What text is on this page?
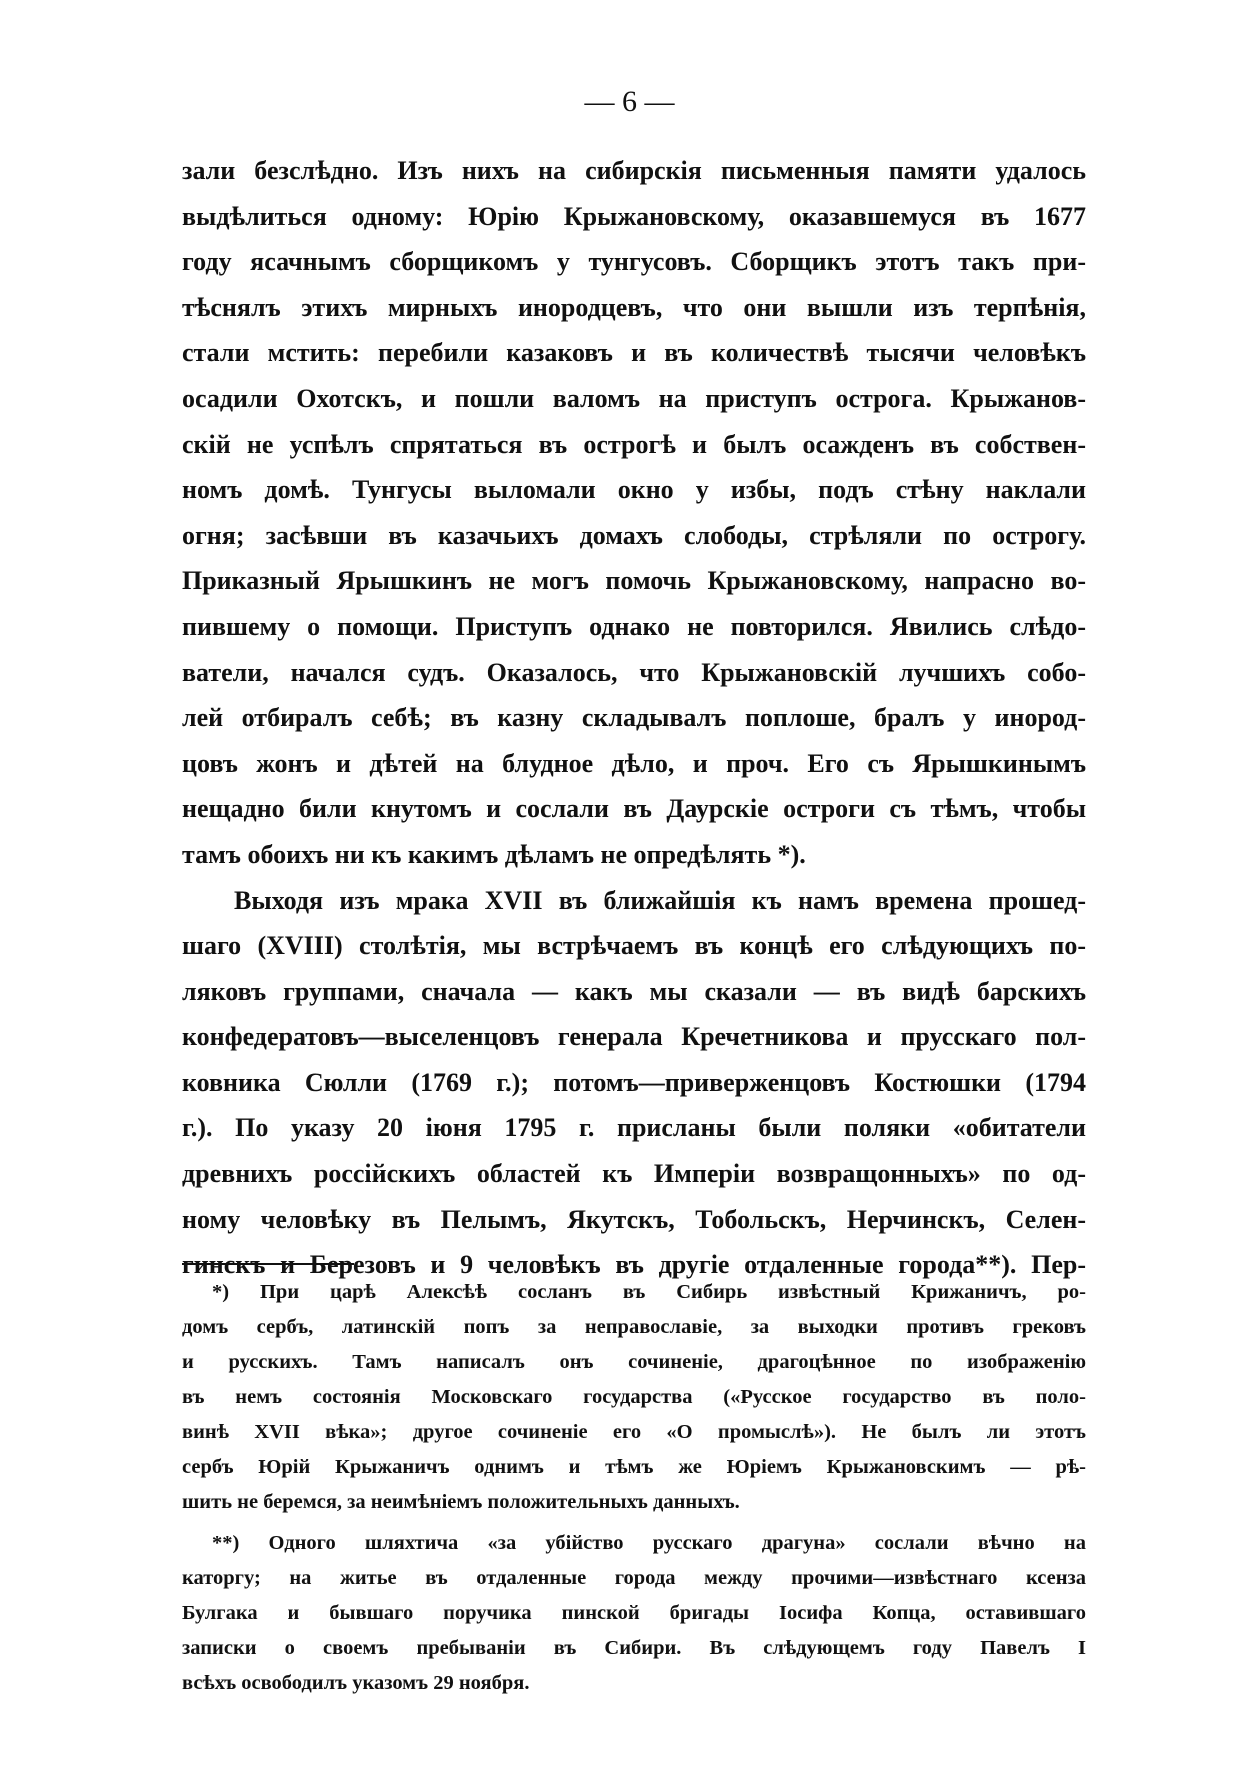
— 6 —
зали безслѣдно. Изъ нихъ на сибирскія письменныя памяти удалось
выдѣлиться одному: Юрію Крыжановскому, оказавшемуся въ 1677
году ясачнымъ сборщикомъ у тунгусовъ. Сборщикъ этотъ такъ при-
тѣснялъ этихъ мирныхъ инородцевъ, что они вышли изъ терпѣнія,
стали мстить: перебили казаковъ и въ количествѣ тысячи человѣкъ
осадили Охотскъ, и пошли валомъ на приступъ острога. Крыжанов-
скій не успѣлъ спрятаться въ острогѣ и былъ осажденъ въ собствен-
номъ домѣ. Тунгусы выломали окно у избы, подъ стѣну наклали
огня; засѣвши въ казачьихъ домахъ слободы, стрѣляли по острогу.
Приказный Ярышкинъ не могъ помочь Крыжановскому, напрасно во-
пившему о помощи. Приступъ однако не повторился. Явились слѣдо-
ватели, начался судъ. Оказалось, что Крыжановскій лучшихъ собо-
лей отбиралъ себѣ; въ казну складывалъ поплоше, бралъ у инород-
цовъ жонъ и дѣтей на блудное дѣло, и проч. Его съ Ярышкинымъ
нещадно били кнутомъ и сослали въ Даурскіе остроги съ тѣмъ, чтобы
тамъ обоихъ ни къ какимъ дѣламъ не опредѣлять *).
Выходя изъ мрака XVII въ ближайшія къ намъ времена прошед-
шаго (XVIII) столѣтія, мы встрѣчаемъ въ концѣ его слѣдующихъ по-
ляковъ группами, сначала — какъ мы сказали — въ видѣ барскихъ
конфедератовъ—выселенцовъ генерала Кречетникова и прусскаго пол-
ковника Сюлли (1769 г.); потомъ—приверженцовъ Костюшки (1794
г.). По указу 20 іюня 1795 г. присланы были поляки «обитатели
древнихъ россійскихъ областей къ Имперіи возвращонныхъ» по од-
ному человѣку въ Пелымъ, Якутскъ, Тобольскъ, Нерчинскъ, Селен-
гинскъ и Березовъ и 9 человѣкъ въ другіе отдаленные города**). Пер-
*) При царѣ Алексѣѣ сосланъ въ Сибирь извѣстный Крижаничъ, ро-
домъ сербъ, латинскій попъ за неправославіе, за выходки противъ грековъ
и русскихъ. Тамъ написалъ онъ сочиненіе, драгоцѣнное по изображенію
въ немъ состоянія Московскаго государства («Русское государство въ поло-
винѣ XVII вѣка»; другое сочиненіе его «О промыслѣ»). Не былъ ли этотъ
сербъ Юрій Крыжаничъ однимъ и тѣмъ же Юріемъ Крыжановскимъ — рѣ-
шить не беремся, за неимѣніемъ положительныхъ данныхъ.
**) Одного шляхтича «за убійство русскаго драгуна» сослали вѣчно на
каторгу; на житье въ отдаленные города между прочими—извѣстнаго ксенза
Булгака и бывшаго поручика пинской бригады Іосифа Копца, оставившаго
записки о своемъ пребываніи въ Сибири. Въ слѣдующемъ году Павелъ I
всѣхъ освободилъ указомъ 29 ноября.
